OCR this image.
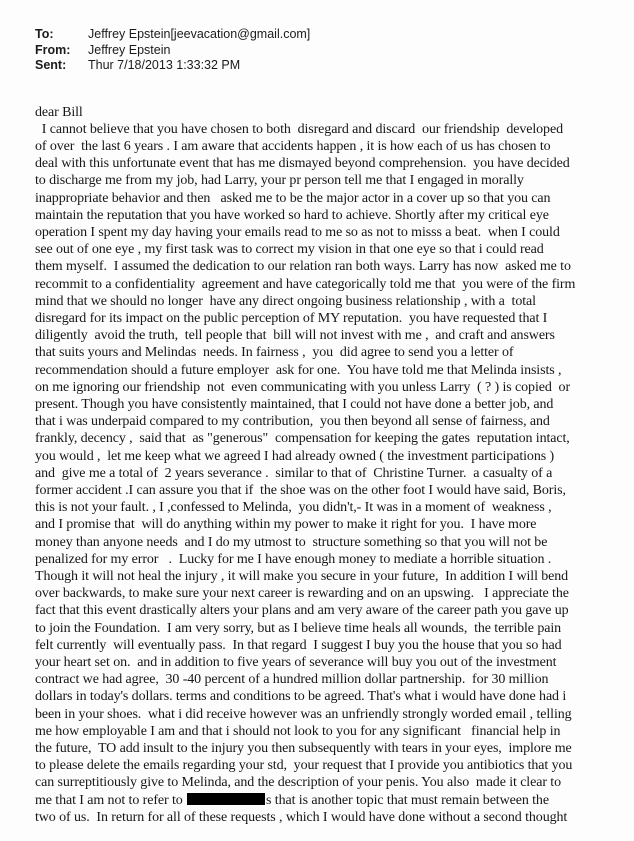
To:	Jeffrey Epstein[jeevacation@gmail.com]
From:	Jeffrey Epstein
Sent:	Thur 7/18/2013 1:33:32 PM
dear Bill
I cannot believe that you have chosen to both  disregard and discard  our friendship  developed
of over  the last 6 years . I am aware that accidents happen , it is how each of us has chosen to
deal with this unfortunate event that has me dismayed beyond comprehension.  you have decided
to discharge me from my job, had Larry, your pr person tell me that I engaged in morally
inappropriate behavior and then   asked me to be the major actor in a cover up so that you can
maintain the reputation that you have worked so hard to achieve. Shortly after my critical eye
operation I spent my day having your emails read to me so as not to misss a beat.  when I could
see out of one eye , my first task was to correct my vision in that one eye so that i could read
them myself.  I assumed the dedication to our relation ran both ways. Larry has now  asked me to
recommit to a confidentiality  agreement and have categorically told me that  you were of the firm
mind that we should no longer  have any direct ongoing business relationship , with a  total
disregard for its impact on the public perception of MY reputation.  you have requested that I
diligently  avoid the truth,  tell people that  bill will not invest with me ,  and craft and answers
that suits yours and Melindas  needs. In fairness ,  you  did agree to send you a letter of
recommendation should a future employer  ask for one.  You have told me that Melinda insists ,
on me ignoring our friendship  not  even communicating with you unless Larry  ( ? ) is copied  or
present. Though you have consistently maintained, that I could not have done a better job, and
that i was underpaid compared to my contribution,  you then beyond all sense of fairness, and
frankly, decency ,  said that  as "generous"  compensation for keeping the gates  reputation intact,
you would ,  let me keep what we agreed I had already owned ( the investment participations )
and  give me a total of  2 years severance .  similar to that of  Christine Turner.  a casualty of a
former accident .I can assure you that if  the shoe was on the other foot I would have said, Boris,
this is not your fault. , I ,confessed to Melinda,  you didn't,- It was in a moment of  weakness ,
and I promise that  will do anything within my power to make it right for you.  I have more
money than anyone needs  and I do my utmost to  structure something so that you will not be
penalized for my error   .  Lucky for me I have enough money to mediate a horrible situation .
Though it will not heal the injury , it will make you secure in your future,  In addition I will bend
over backwards, to make sure your next career is rewarding and on an upswing.   I appreciate the
fact that this event drastically alters your plans and am very aware of the career path you gave up
to join the Foundation.  I am very sorry, but as I believe time heals all wounds,  the terrible pain
felt currently  will eventually pass.  In that regard  I suggest I buy you the house that you so had
your heart set on.  and in addition to five years of severance will buy you out of the investment
contract we had agree,  30 -40 percent of a hundred million dollar partnership.  for 30 million
dollars in today's dollars. terms and conditions to be agreed. That's what i would have done had i
been in your shoes.  what i did receive however was an unfriendly strongly worded email , telling
me how employable I am and that i should not look to you for any significant   financial help in
the future,  TO add insult to the injury you then subsequently with tears in your eyes,  implore me
to please delete the emails regarding your std,  your request that I provide you antibiotics that you
can surreptitiously give to Melinda, and the description of your penis. You also  made it clear to
me that I am not to refer to	s that is another topic that must remain between the
two of us.  In return for all of these requests , which I would have done without a second thought
